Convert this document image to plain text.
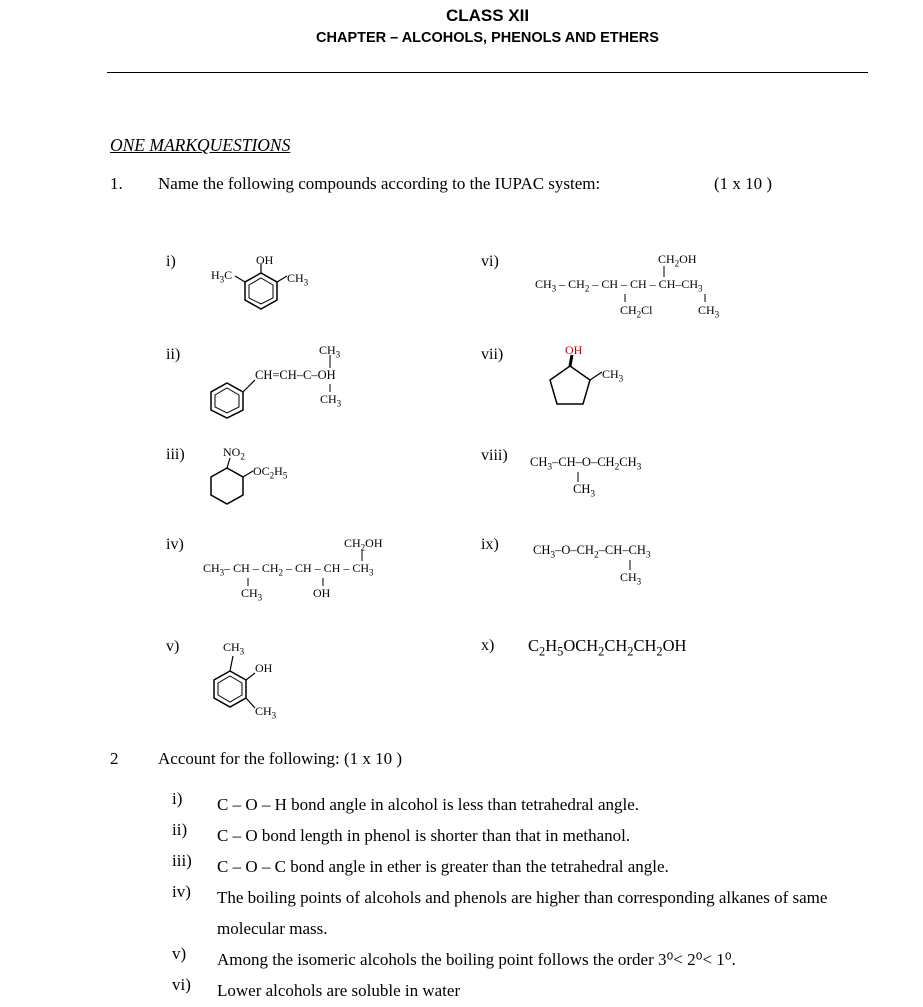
CLASS XII
CHAPTER – ALCOHOLS, PHENOLS AND ETHERS
ONE MARKQUESTIONS
1. Name the following compounds according to the IUPAC system:	(1 x 10 )
i)	OH
$H_3C$	$CH_3$
ii)	$CH_3$
CH=CH–C–OH
$CH_3$
iii)	$NO_2$
$OC_2H_5$
iv)	$CH_2OH$
$CH_3-$ CH – $CH_2$ – CH – CH – $CH_3$
$CH_3$	OH
v)	$CH_3$
OH
$CH_3$
vi)	$CH_2OH$
$CH_3 - CH_2$ – CH – CH – $CH-CH_3$
$CH_2Cl$	$CH_3$
vii)	OH
$CH_3$
viii) $CH_3-CH-O-CH_2CH_3$
$CH_3$
ix)	$CH_3-O-CH_2-CH-CH_3$
$CH_3$
x) $C_2H_5OCH_2CH_2CH_2OH$
2 Account for the following: (1 x 10 )
i) C – O – H bond angle in alcohol is less than tetrahedral angle.
ii) C – O bond length in phenol is shorter than that in methanol.
iii) C – O – C bond angle in ether is greater than the tetrahedral angle.
iv) The boiling points of alcohols and phenols are higher than corresponding alkanes of same molecular mass.
v) Among the isomeric alcohols the boiling point follows the order 3⁰< 2⁰< 1⁰.
vi) Lower alcohols are soluble in water
